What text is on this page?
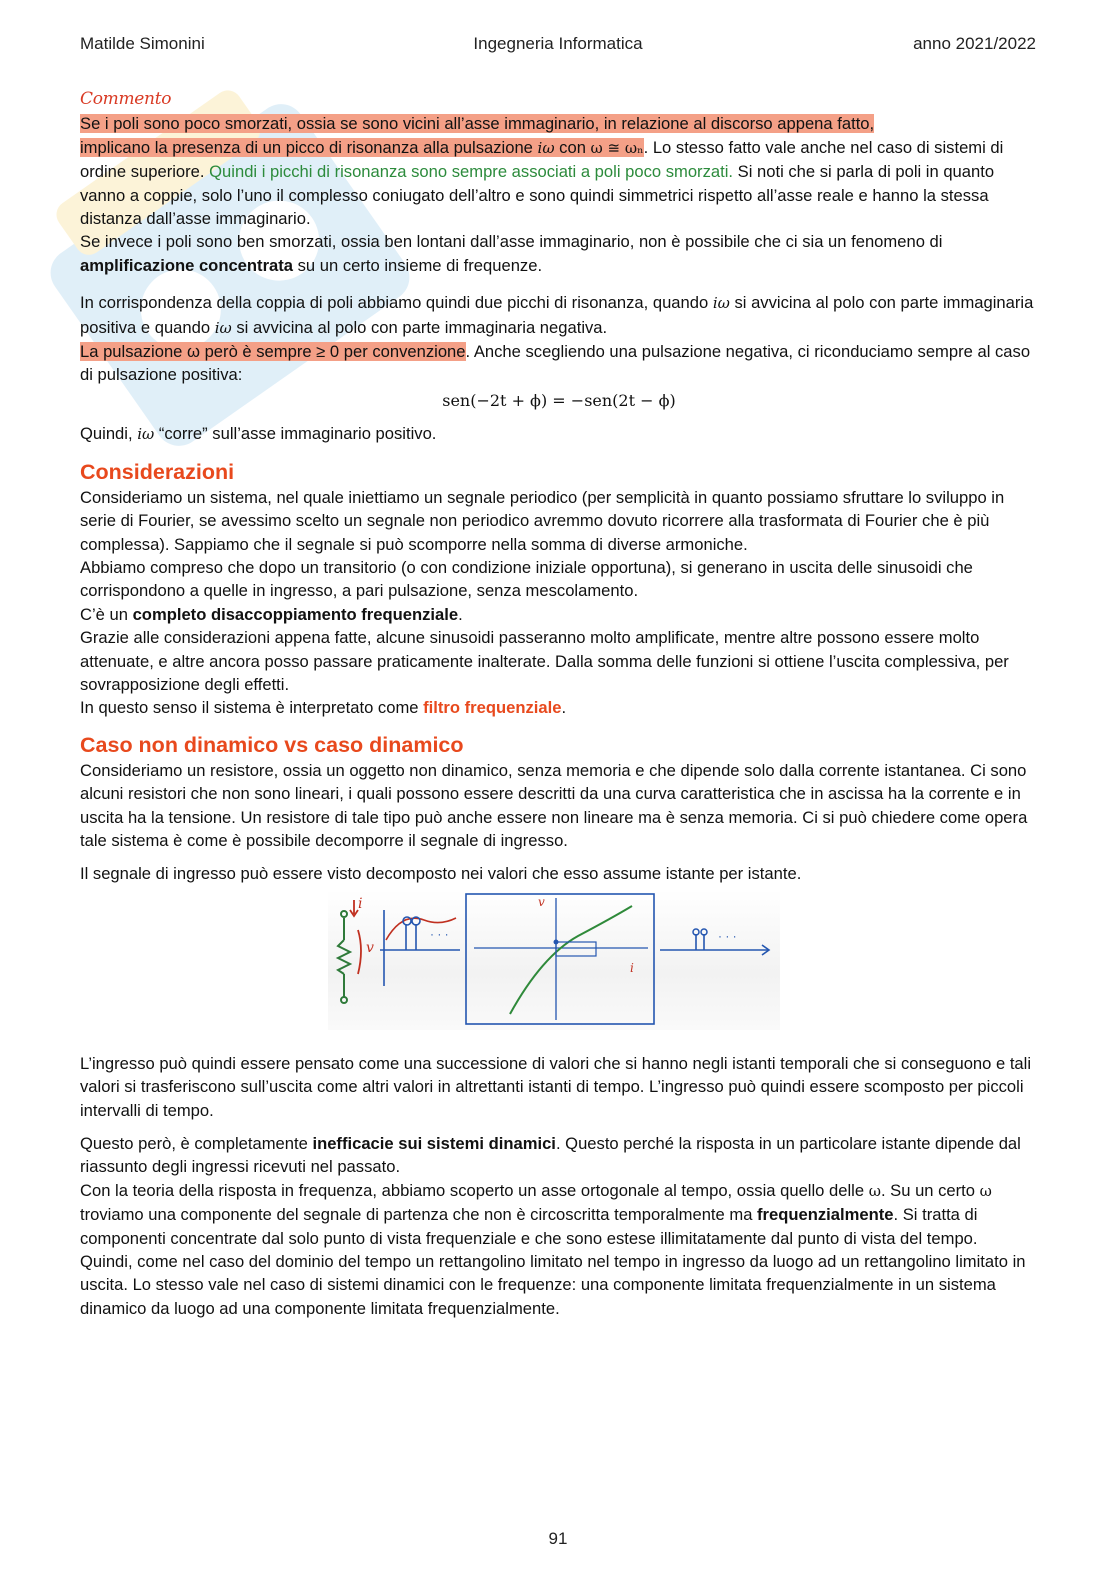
Matilde Simonini	Ingegneria Informatica	anno 2021/2022
Commento

Se i poli sono poco smorzati, ossia se sono vicini all’asse immaginario, in relazione al discorso appena fatto,
implicano la presenza di un picco di risonanza alla pulsazione iω con ω ≅ ωₙ. Lo stesso fatto vale anche nel caso di sistemi di ordine superiore. Quindi i picchi di risonanza sono sempre associati a poli poco smorzati. Si noti che si parla di poli in quanto vanno a coppie, solo l’uno il complesso coniugato dell’altro e sono quindi simmetrici rispetto all’asse reale e hanno la stessa distanza dall’asse immaginario.

Se invece i poli sono ben smorzati, ossia ben lontani dall’asse immaginario, non è possibile che ci sia un fenomeno di amplificazione concentrata su un certo insieme di frequenze.

In corrispondenza della coppia di poli abbiamo quindi due picchi di risonanza, quando iω si avvicina al polo con parte immaginaria positiva e quando iω si avvicina al polo con parte immaginaria negativa.

La pulsazione ω però è sempre ≥ 0 per convenzione. Anche scegliendo una pulsazione negativa, ci riconduciamo sempre al caso di pulsazione positiva:

sen(−2t + ϕ) = −sen(2t − ϕ)

Quindi, iω “corre” sull’asse immaginario positivo.

Considerazioni

Consideriamo un sistema, nel quale iniettiamo un segnale periodico (per semplicità in quanto possiamo sfruttare lo sviluppo in serie di Fourier, se avessimo scelto un segnale non periodico avremmo dovuto ricorrere alla trasformata di Fourier che è più complessa). Sappiamo che il segnale si può scomporre nella somma di diverse armoniche.

Abbiamo compreso che dopo un transitorio (o con condizione iniziale opportuna), si generano in uscita delle sinusoidi che corrispondono a quelle in ingresso, a pari pulsazione, senza mescolamento.

C’è un completo disaccoppiamento frequenziale.

Grazie alle considerazioni appena fatte, alcune sinusoidi passeranno molto amplificate, mentre altre possono essere molto attenuate, e altre ancora posso passare praticamente inalterate. Dalla somma delle funzioni si ottiene l’uscita complessiva, per sovrapposizione degli effetti.

In questo senso il sistema è interpretato come filtro frequenziale.

Caso non dinamico vs caso dinamico

Consideriamo un resistore, ossia un oggetto non dinamico, senza memoria e che dipende solo dalla corrente istantanea. Ci sono alcuni resistori che non sono lineari, i quali possono essere descritti da una curva caratteristica che in ascissa ha la corrente e in uscita ha la tensione. Un resistore di tale tipo può anche essere non lineare ma è senza memoria. Ci si può chiedere come opera tale sistema è come è possibile decomporre il segnale di ingresso.

Il segnale di ingresso può essere visto decomposto nei valori che esso assume istante per istante.

i
v
· · ·
v
i
· · ·

L’ingresso può quindi essere pensato come una successione di valori che si hanno negli istanti temporali che si conseguono e tali valori si trasferiscono sull’uscita come altri valori in altrettanti istanti di tempo. L’ingresso può quindi essere scomposto per piccoli intervalli di tempo.

Questo però, è completamente inefficacie sui sistemi dinamici. Questo perché la risposta in un particolare istante dipende dal riassunto degli ingressi ricevuti nel passato.

Con la teoria della risposta in frequenza, abbiamo scoperto un asse ortogonale al tempo, ossia quello delle ω. Su un certo ω troviamo una componente del segnale di partenza che non è circoscritta temporalmente ma frequenzialmente. Si tratta di componenti concentrate dal solo punto di vista frequenziale e che sono estese illimitatamente dal punto di vista del tempo.

Quindi, come nel caso del dominio del tempo un rettangolino limitato nel tempo in ingresso da luogo ad un rettangolino limitato in uscita. Lo stesso vale nel caso di sistemi dinamici con le frequenze: una componente limitata frequenzialmente in un sistema dinamico da luogo ad una componente limitata frequenzialmente.

91
